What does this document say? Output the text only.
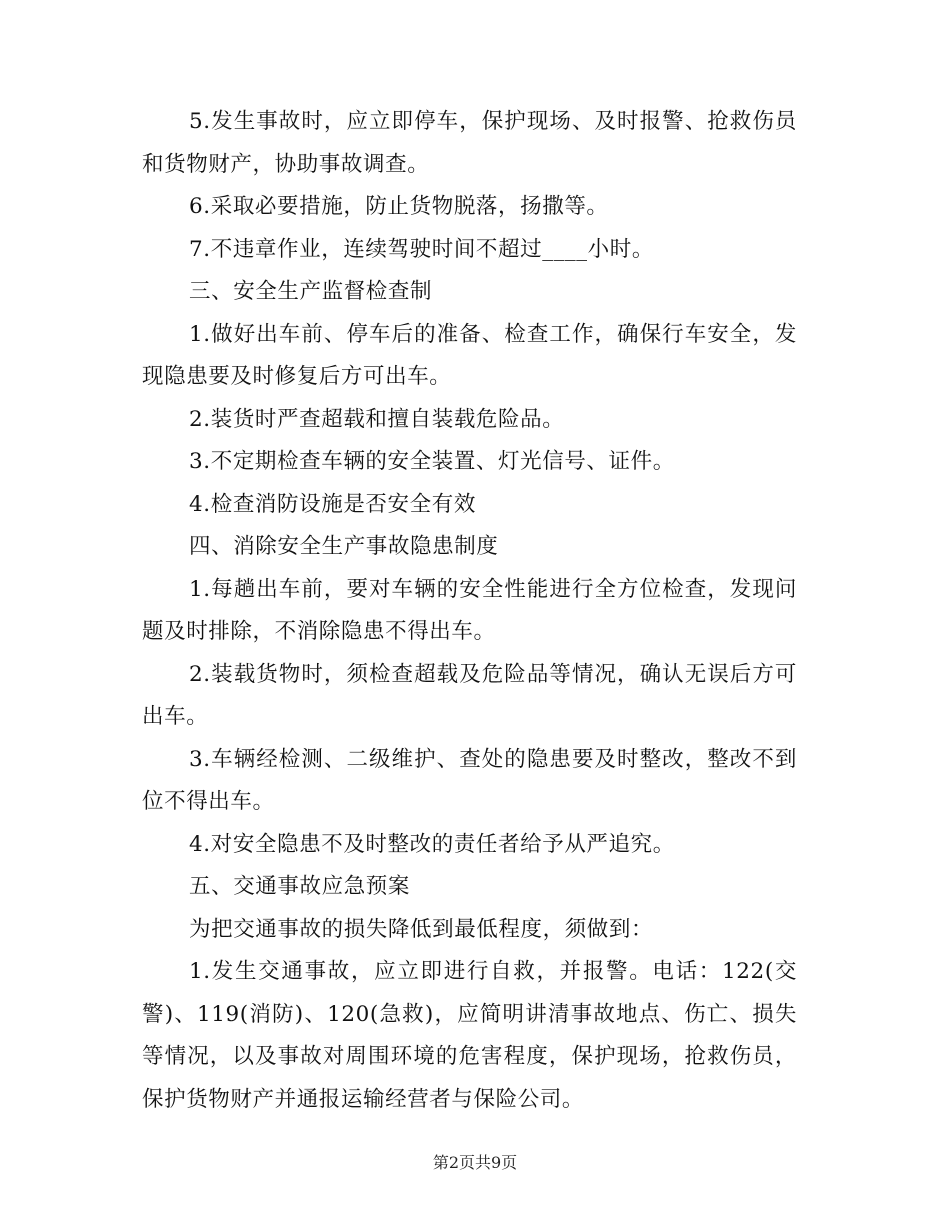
5.发生事故时，应立即停车，保护现场、及时报警、抢救伤员和货物财产，协助事故调查。

6.采取必要措施，防止货物脱落，扬撒等。

7.不违章作业，连续驾驶时间不超过____小时。

三、安全生产监督检查制

1.做好出车前、停车后的准备、检查工作，确保行车安全，发现隐患要及时修复后方可出车。

2.装货时严查超载和擅自装载危险品。

3.不定期检查车辆的安全装置、灯光信号、证件。

4.检查消防设施是否安全有效

四、消除安全生产事故隐患制度

1.每趟出车前，要对车辆的安全性能进行全方位检查，发现问题及时排除，不消除隐患不得出车。

2.装载货物时，须检查超载及危险品等情况，确认无误后方可出车。

3.车辆经检测、二级维护、查处的隐患要及时整改，整改不到位不得出车。

4.对安全隐患不及时整改的责任者给予从严追究。

五、交通事故应急预案

为把交通事故的损失降低到最低程度，须做到：

1.发生交通事故，应立即进行自救，并报警。电话：122(交警)、119(消防)、120(急救)，应简明讲清事故地点、伤亡、损失等情况，以及事故对周围环境的危害程度，保护现场，抢救伤员，保护货物财产并通报运输经营者与保险公司。

第2页共9页
